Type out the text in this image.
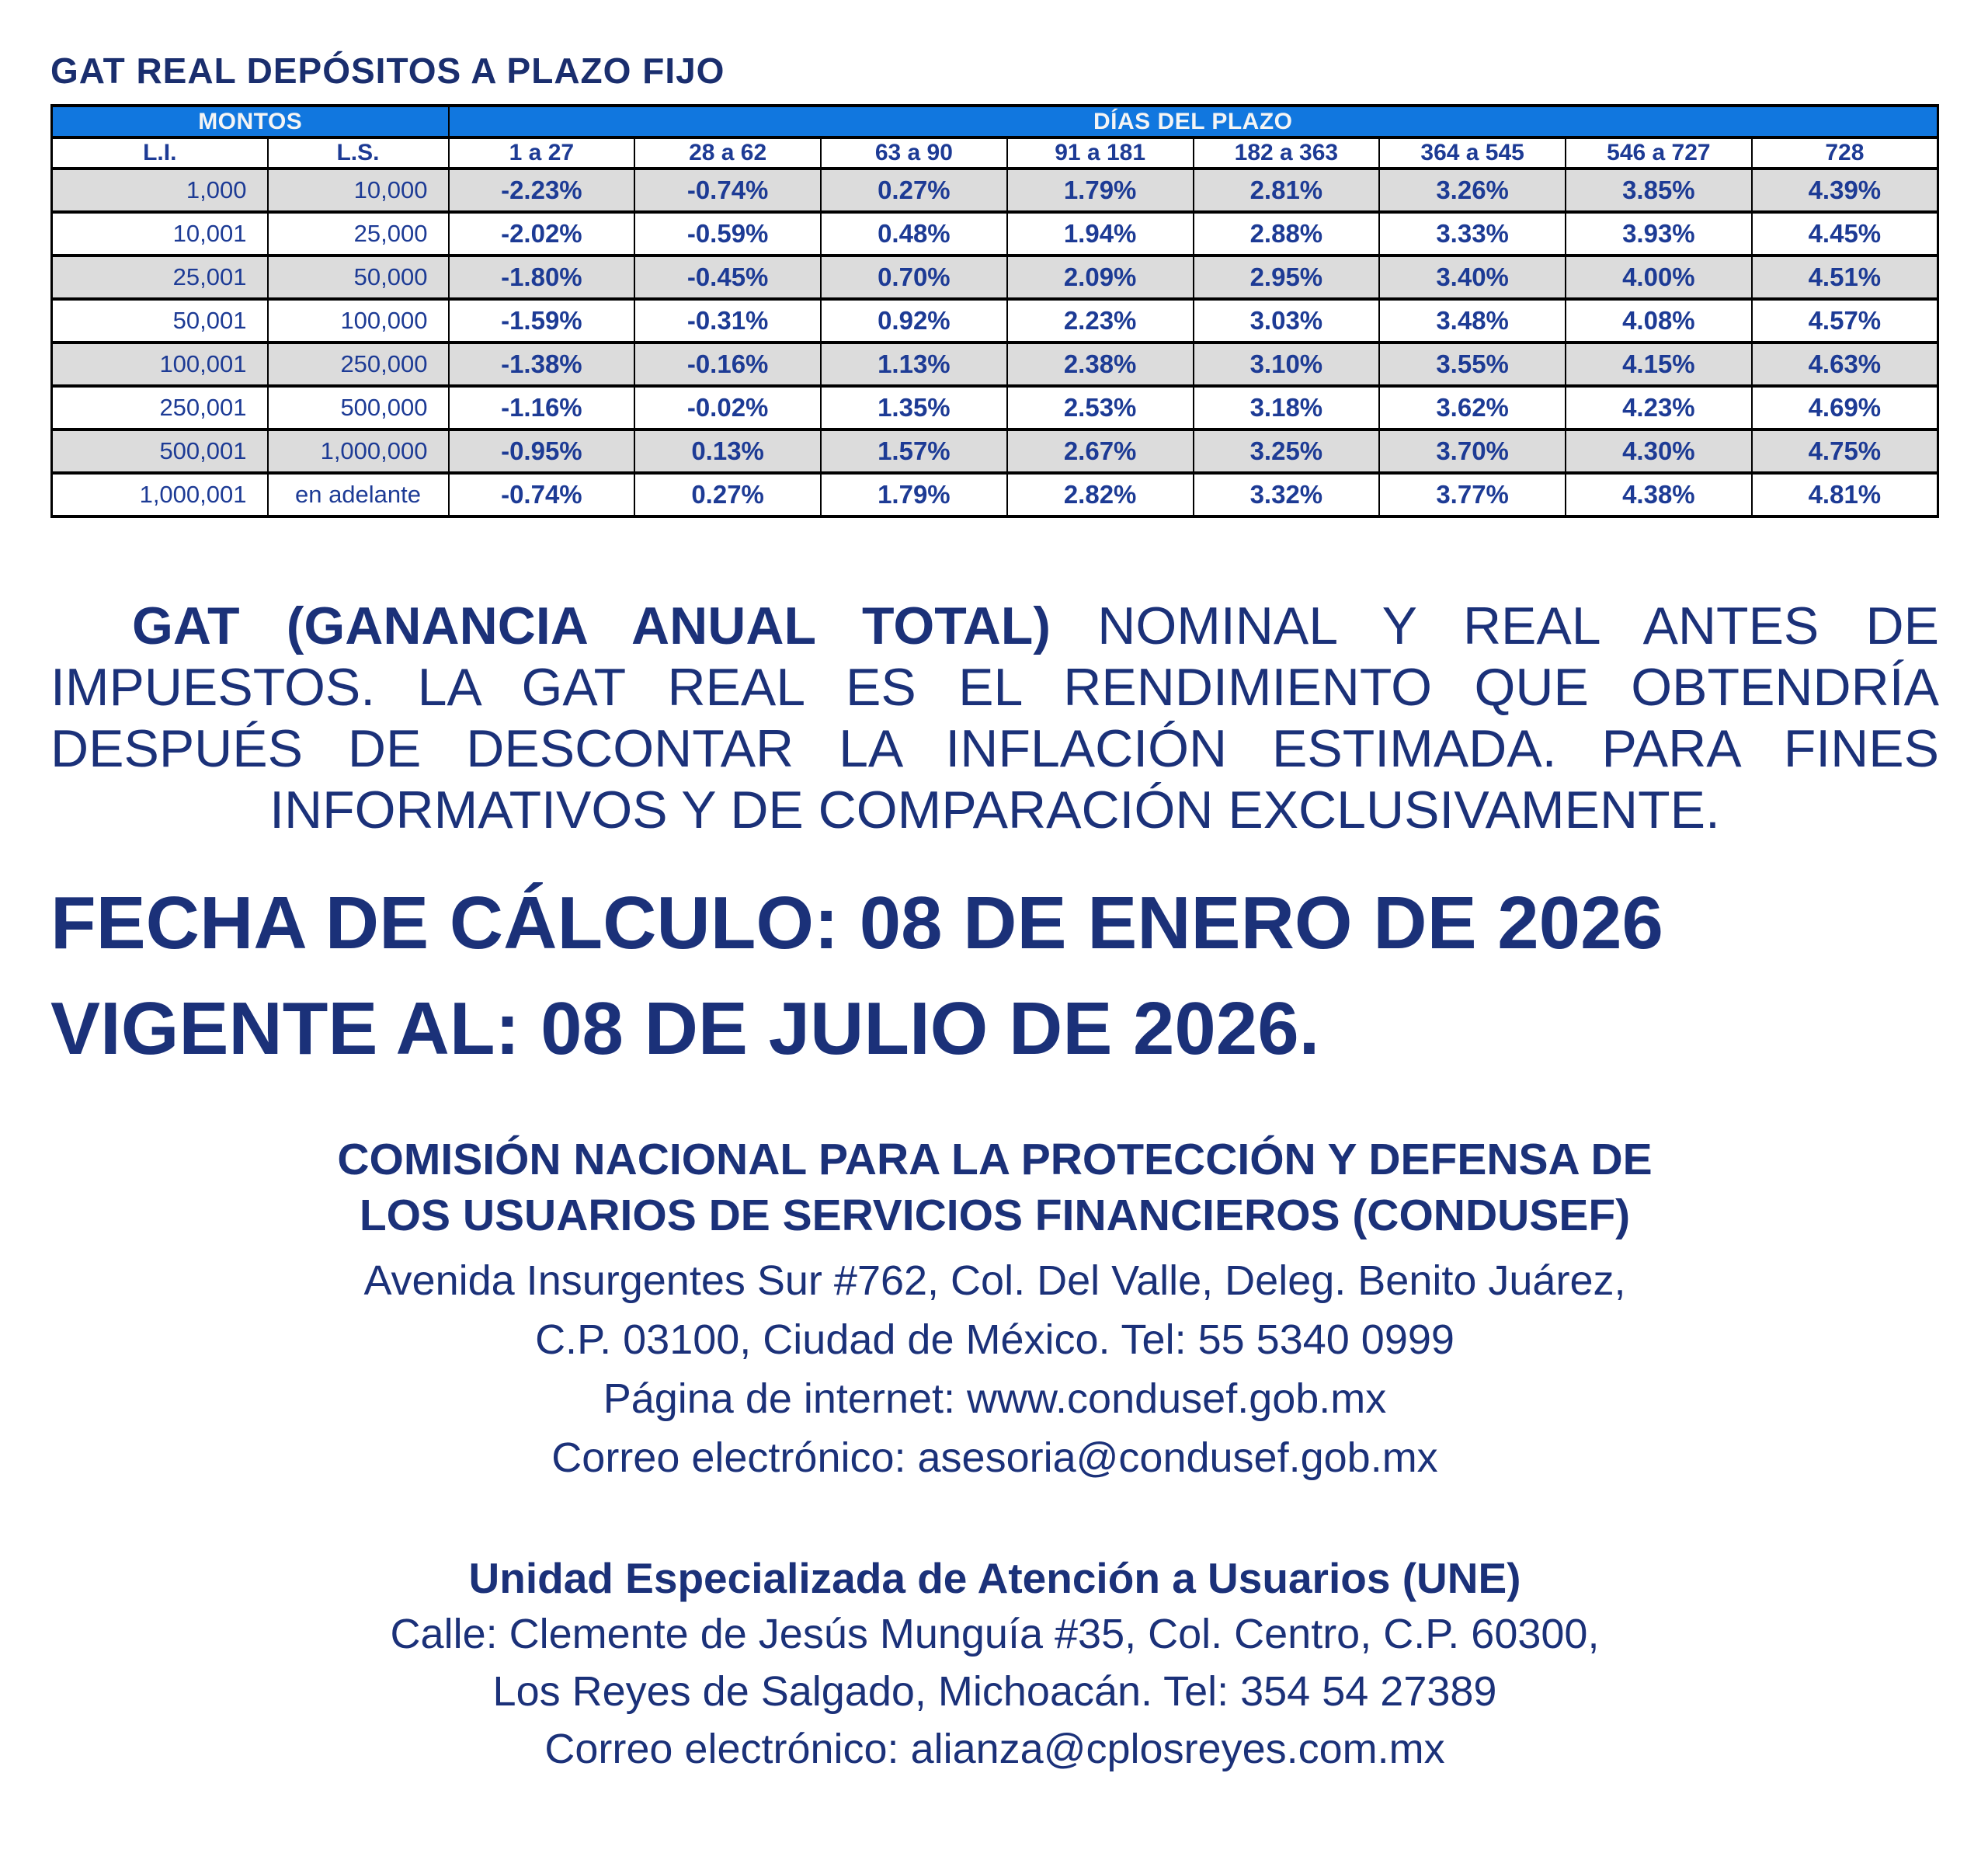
GAT REAL DEPÓSITOS A PLAZO FIJO
MONTOS		DÍAS DEL PLAZO							
L.I.	L.S.	1 a 27	28 a 62	63 a 90	91 a 181	182 a 363	364 a 545	546 a 727	728
1,000	10,000	-2.23%	-0.74%	0.27%	1.79%	2.81%	3.26%	3.85%	4.39%
10,001	25,000	-2.02%	-0.59%	0.48%	1.94%	2.88%	3.33%	3.93%	4.45%
25,001	50,000	-1.80%	-0.45%	0.70%	2.09%	2.95%	3.40%	4.00%	4.51%
50,001	100,000	-1.59%	-0.31%	0.92%	2.23%	3.03%	3.48%	4.08%	4.57%
100,001	250,000	-1.38%	-0.16%	1.13%	2.38%	3.10%	3.55%	4.15%	4.63%
250,001	500,000	-1.16%	-0.02%	1.35%	2.53%	3.18%	3.62%	4.23%	4.69%
500,001	1,000,000	-0.95%	0.13%	1.57%	2.67%	3.25%	3.70%	4.30%	4.75%
1,000,001	en adelante	-0.74%	0.27%	1.79%	2.82%	3.32%	3.77%	4.38%	4.81%
GAT (GANANCIA ANUAL TOTAL) NOMINAL Y REAL ANTES DE
IMPUESTOS. LA GAT REAL ES EL RENDIMIENTO QUE OBTENDRÍA
DESPUÉS DE DESCONTAR LA INFLACIÓN ESTIMADA. PARA FINES
INFORMATIVOS Y DE COMPARACIÓN EXCLUSIVAMENTE.
FECHA DE CÁLCULO: 08 DE ENERO DE 2026
VIGENTE AL: 08 DE JULIO DE 2026.
COMISIÓN NACIONAL PARA LA PROTECCIÓN Y DEFENSA DE
LOS USUARIOS DE SERVICIOS FINANCIEROS (CONDUSEF)
Avenida Insurgentes Sur #762, Col. Del Valle, Deleg. Benito Juárez,
C.P. 03100, Ciudad de México. Tel: 55 5340 0999
Página de internet: www.condusef.gob.mx
Correo electrónico: asesoria@condusef.gob.mx
Unidad Especializada de Atención a Usuarios (UNE)
Calle: Clemente de Jesús Munguía #35, Col. Centro, C.P. 60300,
Los Reyes de Salgado, Michoacán. Tel: 354 54 27389
Correo electrónico: alianza@cplosreyes.com.mx
